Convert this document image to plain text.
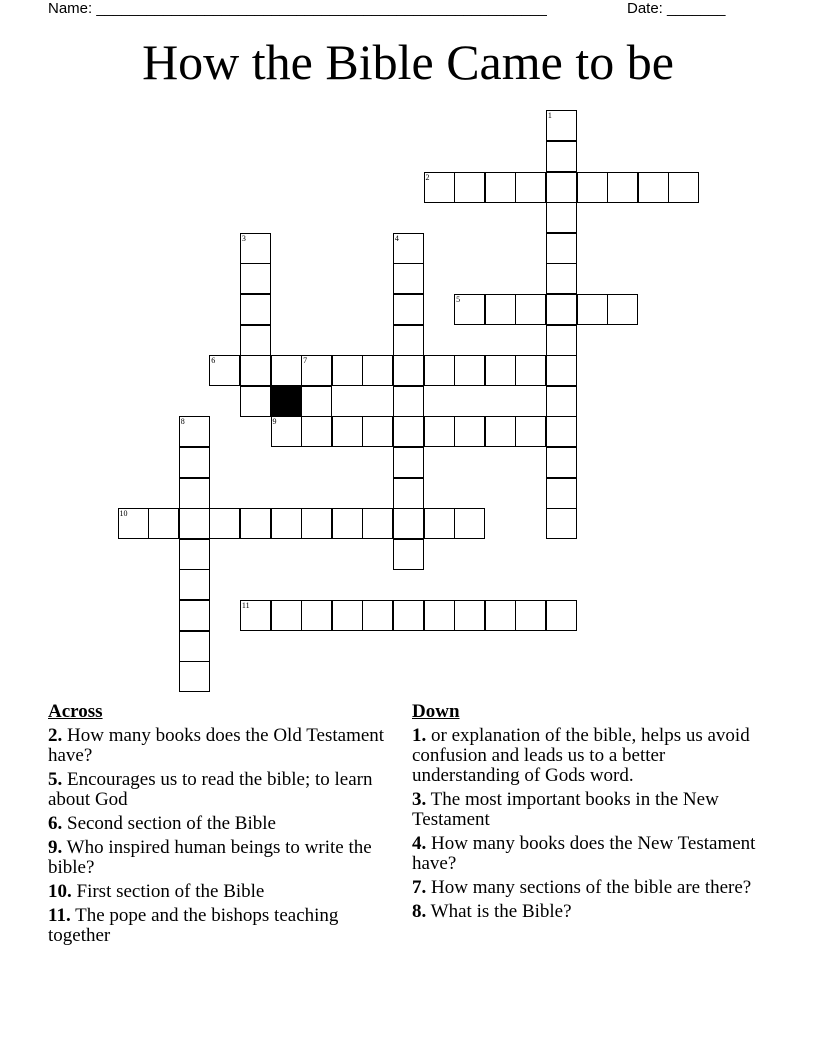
Name: ______________________________________________________	Date: _______
How the Bible Came to be
1
2
3	4
5
6	7
8	9
10
11
Across
2. How many books does the Old Testament have?
5. Encourages us to read the bible; to learn about God
6. Second section of the Bible
9. Who inspired human beings to write the bible?
10. First section of the Bible
11. The pope and the bishops teaching together
Down
1. or explanation of the bible, helps us avoid confusion and leads us to a better understanding of Gods word.
3. The most important books in the New Testament
4. How many books does the New Testament have?
7. How many sections of the bible are there?
8. What is the Bible?
